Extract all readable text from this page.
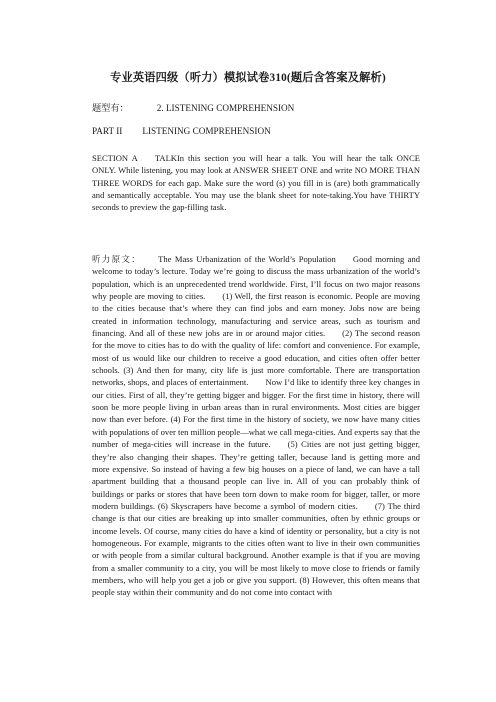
专业英语四级（听力）模拟试卷310(题后含答案及解析)
题型有：	2. LISTENING COMPREHENSION
PART II LISTENING COMPREHENSION

SECTION A  TALKIn this section you will hear a talk. You will hear the talk ONCE ONLY. While listening, you may look at ANSWER SHEET ONE and write NO MORE THAN THREE WORDS for each gap. Make sure the word (s) you fill in is (are) both grammatically and semantically acceptable. You may use the blank sheet for note-taking.You have THIRTY seconds to preview the gap-filling task.

听力原文：  The Mass Urbanization of the World’s Population  Good morning and welcome to today’s lecture. Today we’re going to discuss the mass urbanization of the world’s population, which is an unprecedented trend worldwide. First, I’ll focus on two major reasons why people are moving to cities.  (1) Well, the first reason is economic. People are moving to the cities because that’s where they can find jobs and earn money. Jobs now are being created in information technology, manufacturing and service areas, such as tourism and financing. And all of these new jobs are in or around major cities.  (2) The second reason for the move to cities has to do with the quality of life: comfort and convenience. For example, most of us would like our children to receive a good education, and cities often offer better schools. (3) And then for many, city life is just more comfortable. There are transportation networks, shops, and places of entertainment.  Now I’d like to identify three key changes in our cities. First of all, they’re getting bigger and bigger. For the first time in history, there will soon be more people living in urban areas than in rural environments. Most cities are bigger now than ever before. (4) For the first time in the history of society, we now have many cities with populations of over ten million people—what we call mega-cities. And experts say that the number of mega-cities will increase in the future.  (5) Cities are not just getting bigger, they’re also changing their shapes. They’re getting taller, because land is getting more and more expensive. So instead of having a few big houses on a piece of land, we can have a tall apartment building that a thousand people can live in. All of you can probably think of buildings or parks or stores that have been torn down to make room for bigger, taller, or more modern buildings. (6) Skyscrapers have become a symbol of modern cities.  (7) The third change is that our cities are breaking up into smaller communities, often by ethnic groups or income levels. Of course, many cities do have a kind of identity or personality, but a city is not homogeneous. For example, migrants to the cities often want to live in their own communities or with people from a similar cultural background. Another example is that if you are moving from a smaller community to a city, you will be most likely to move close to friends or family members, who will help you get a job or give you support. (8) However, this often means that people stay within their community and do not come into contact with
